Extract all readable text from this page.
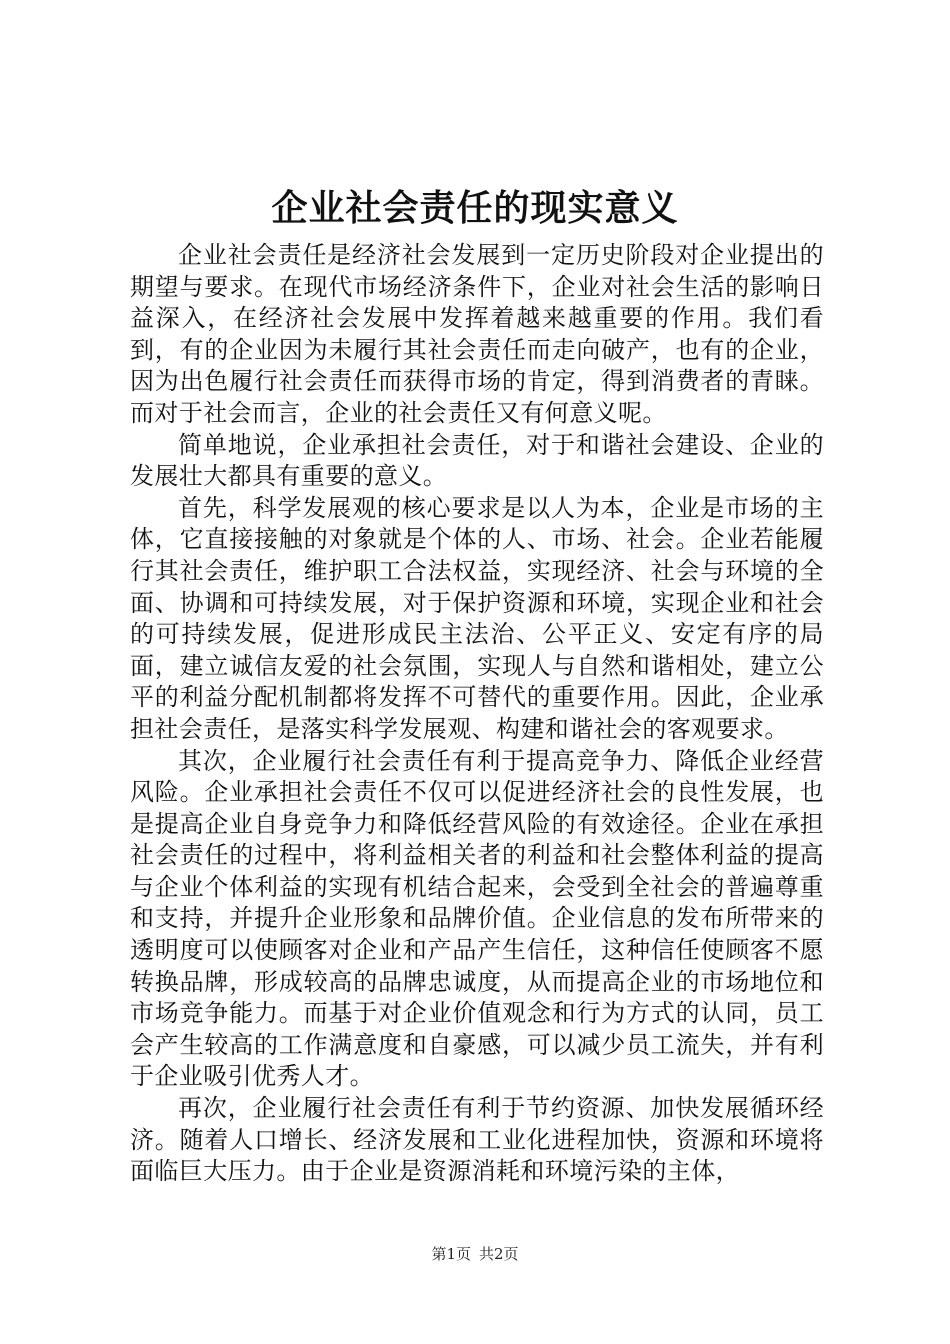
企业社会责任的现实意义

企业社会责任是经济社会发展到一定历史阶段对企业提出的期望与要求。在现代市场经济条件下，企业对社会生活的影响日益深入，在经济社会发展中发挥着越来越重要的作用。我们看到，有的企业因为未履行其社会责任而走向破产，也有的企业，因为出色履行社会责任而获得市场的肯定，得到消费者的青睐。而对于社会而言，企业的社会责任又有何意义呢。

简单地说，企业承担社会责任，对于和谐社会建设、企业的发展壮大都具有重要的意义。

首先，科学发展观的核心要求是以人为本，企业是市场的主体，它直接接触的对象就是个体的人、市场、社会。企业若能履行其社会责任，维护职工合法权益，实现经济、社会与环境的全面、协调和可持续发展，对于保护资源和环境，实现企业和社会的可持续发展，促进形成民主法治、公平正义、安定有序的局面，建立诚信友爱的社会氛围，实现人与自然和谐相处，建立公平的利益分配机制都将发挥不可替代的重要作用。因此，企业承担社会责任，是落实科学发展观、构建和谐社会的客观要求。

其次，企业履行社会责任有利于提高竞争力、降低企业经营风险。企业承担社会责任不仅可以促进经济社会的良性发展，也是提高企业自身竞争力和降低经营风险的有效途径。企业在承担社会责任的过程中，将利益相关者的利益和社会整体利益的提高与企业个体利益的实现有机结合起来，会受到全社会的普遍尊重和支持，并提升企业形象和品牌价值。企业信息的发布所带来的透明度可以使顾客对企业和产品产生信任，这种信任使顾客不愿转换品牌，形成较高的品牌忠诚度，从而提高企业的市场地位和市场竞争能力。而基于对企业价值观念和行为方式的认同，员工会产生较高的工作满意度和自豪感，可以减少员工流失，并有利于企业吸引优秀人才。

再次，企业履行社会责任有利于节约资源、加快发展循环经济。随着人口增长、经济发展和工业化进程加快，资源和环境将面临巨大压力。由于企业是资源消耗和环境污染的主体，

第1页 共2页
